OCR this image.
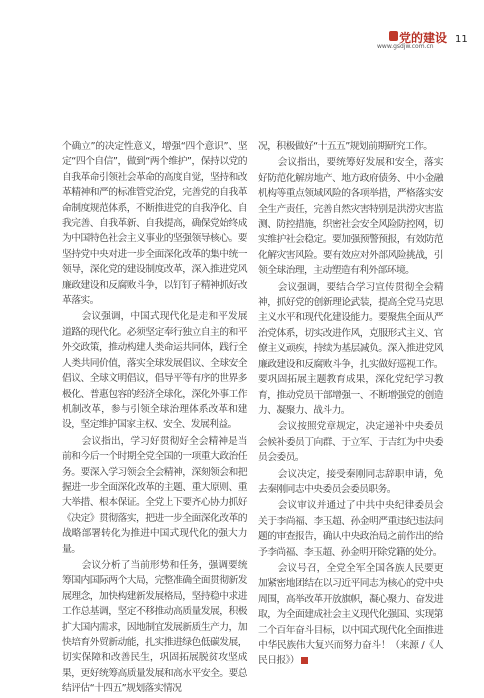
党的建设
www.gsdjw.com.cn
11

个确立”的决定性意义，增强“四个意识”、坚定“四个自信”，做到“两个维护”，保持以党的自我革命引领社会革命的高度自觉，坚持和改革精神和严的标准管党治党，完善党的自我革命制度规范体系，不断推进党的自我净化、自我完善、自我革新、自我提高，确保党始终成为中国特色社会主义事业的坚强领导核心。要坚持党中央对进一步全面深化改革的集中统一领导，深化党的建设制度改革，深入推进党风廉政建设和反腐败斗争，以钉钉子精神抓好改革落实。

会议强调，中国式现代化是走和平发展道路的现代化。必须坚定奉行独立自主的和平外交政策，推动构建人类命运共同体，践行全人类共同价值，落实全球发展倡议、全球安全倡议、全球文明倡议，倡导平等有序的世界多极化、普惠包容的经济全球化，深化外事工作机制改革，参与引领全球治理体系改革和建设，坚定维护国家主权、安全、发展利益。

会议指出，学习好贯彻好全会精神是当前和今后一个时期全党全国的一项重大政治任务。要深入学习领会全会精神，深刻领会和把握进一步全面深化改革的主题、重大原则、重大举措、根本保证。全党上下要齐心协力抓好《决定》贯彻落实，把进一步全面深化改革的战略部署转化为推进中国式现代化的强大力量。

会议分析了当前形势和任务，强调要统筹国内国际两个大局，完整准确全面贯彻新发展理念，加快构建新发展格局，坚持稳中求进工作总基调，坚定不移推动高质量发展，积极扩大国内需求，因地制宜发展新质生产力，加快培育外贸新动能，扎实推进绿色低碳发展，切实保障和改善民生，巩固拓展脱贫攻坚成果，更好统筹高质量发展和高水平安全。要总结评估“十四五”规划落实情况

况，积极做好“十五五”规划前期研究工作。

会议指出，要统筹好发展和安全，落实好防范化解房地产、地方政府债务、中小金融机构等重点领域风险的各项举措，严格落实安全生产责任，完善自然灾害特别是洪涝灾害监测、防控措施，织密社会安全风险防控网，切实维护社会稳定。要加强预警预报，有效防范化解灾害风险。要有效应对外部风险挑战，引领全球治理，主动塑造有利外部环境。

会议强调，要结合学习宣传贯彻全会精神，抓好党的创新理论武装，提高全党马克思主义水平和现代化建设能力。要聚焦全面从严治党体系，切实改进作风，克服形式主义、官僚主义顽疾，持续为基层减负。深入推进党风廉政建设和反腐败斗争，扎实做好巡视工作。要巩固拓展主题教育成果，深化党纪学习教育，推动党员干部增强一、不断增强党的创造力、凝聚力、战斗力。

会议按照党章规定，决定递补中央委员会候补委员丁向群、于立军、于吉红为中央委员会委员。

会议决定，接受秦刚同志辞职申请，免去秦刚同志中央委员会委员职务。

会议审议并通过了中共中央纪律委员会关于李尚福、李玉超、孙金明严重违纪违法问题的审查报告，确认中央政治局之前作出的给予李尚福、李玉超、孙金明开除党籍的处分。

会议号召，全党全军全国各族人民要更加紧密地团结在以习近平同志为核心的党中央周围，高举改革开放旗帜，凝心聚力、奋发进取，为全面建成社会主义现代化强国、实现第二个百年奋斗目标，以中国式现代化全面推进中华民族伟大复兴而努力奋斗！（来源 /《人民日报》）
